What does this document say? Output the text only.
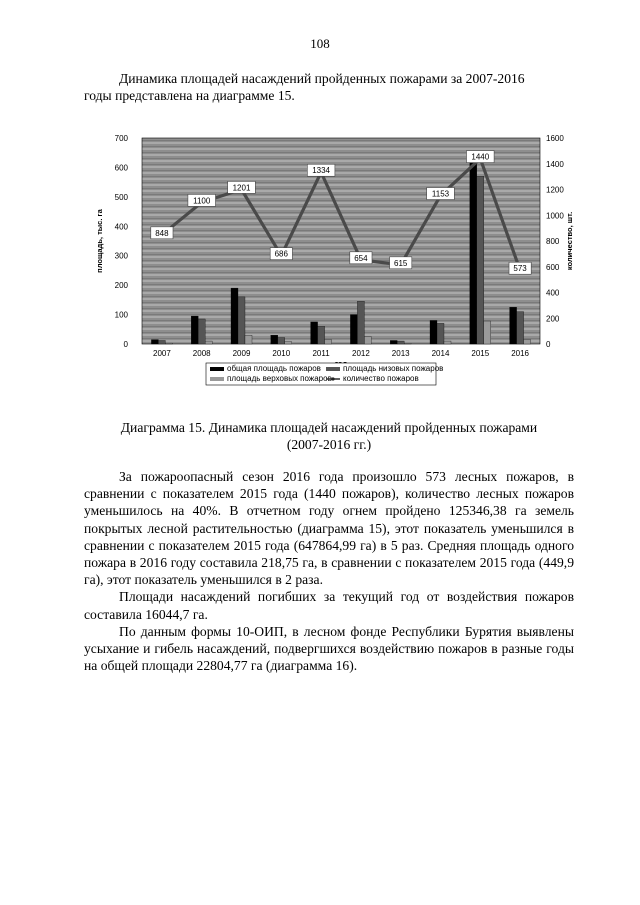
108
Динамика площадей насаждений пройденных пожарами за 2007-2016
годы представлена на диаграмме 15.
848
1100
1201
686
1334
654
615
1153
1440
573
0
100
200
300
400
500
600
700
0
200
400
600
800
1000
1200
1400
1600
2007	2008	2009	2010	2011	2012	2013	2014	2015	2016
площадь, тыс. га	количество, шт.
общая площадь пожаров	площадь низовых пожаров
площадь верховых пожаров количество пожаров
Диаграмма 15. Динамика площадей насаждений пройденных пожарами
(2007-2016 гг.)

За пожароопасный сезон 2016 года произошло 573 лесных пожаров, в сравнении с показателем 2015 года (1440 пожаров), количество лесных пожаров уменьшилось на 40%. В отчетном году огнем пройдено 125346,38 га земель покрытых лесной растительностью (диаграмма 15), этот показатель уменьшился в сравнении с показателем 2015 года (647864,99 га) в 5 раз. Средняя площадь одного пожара в 2016 году составила 218,75 га, в сравнении с показателем 2015 года (449,9 га), этот показатель уменьшился в 2 раза.

Площади насаждений погибших за текущий год от воздействия пожаров составила 16044,7 га.

По данным формы 10-ОИП, в лесном фонде Республики Бурятия выявлены усыхание и гибель насаждений, подвергшихся воздействию пожаров в разные годы на общей площади 22804,77 га (диаграмма 16).
